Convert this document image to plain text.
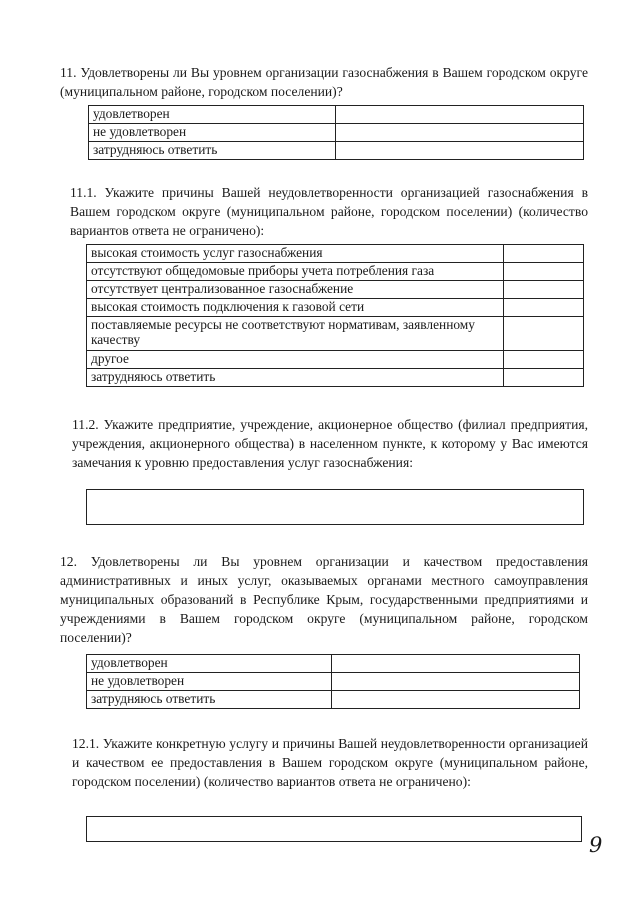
11. Удовлетворены ли Вы уровнем организации газоснабжения в Вашем городском округе (муниципальном районе, городском поселении)?

удовлетворен	
не удовлетворен	
затрудняюсь ответить	

11.1. Укажите причины Вашей неудовлетворенности организацией газоснабжения в Вашем городском округе (муниципальном районе, городском поселении) (количество вариантов ответа не ограничено):

высокая стоимость услуг газоснабжения	
отсутствуют общедомовые приборы учета потребления газа	
отсутствует централизованное газоснабжение	
высокая стоимость подключения к газовой сети	
поставляемые ресурсы не соответствуют нормативам, заявленному качеству	
другое	
затрудняюсь ответить	

11.2. Укажите предприятие, учреждение, акционерное общество (филиал предприятия, учреждения, акционерного общества) в населенном пункте, к которому у Вас имеются замечания к уровню предоставления услуг газоснабжения:

12. Удовлетворены ли Вы уровнем организации и качеством предоставления административных и иных услуг, оказываемых органами местного самоуправления муниципальных образований в Республике Крым, государственными предприятиями и учреждениями в Вашем городском округе (муниципальном районе, городском поселении)?

удовлетворен	
не удовлетворен	
затрудняюсь ответить	

12.1. Укажите конкретную услугу и причины Вашей неудовлетворенности организацией и качеством ее предоставления в Вашем городском округе (муниципальном районе, городском поселении) (количество вариантов ответа не ограничено):

9
